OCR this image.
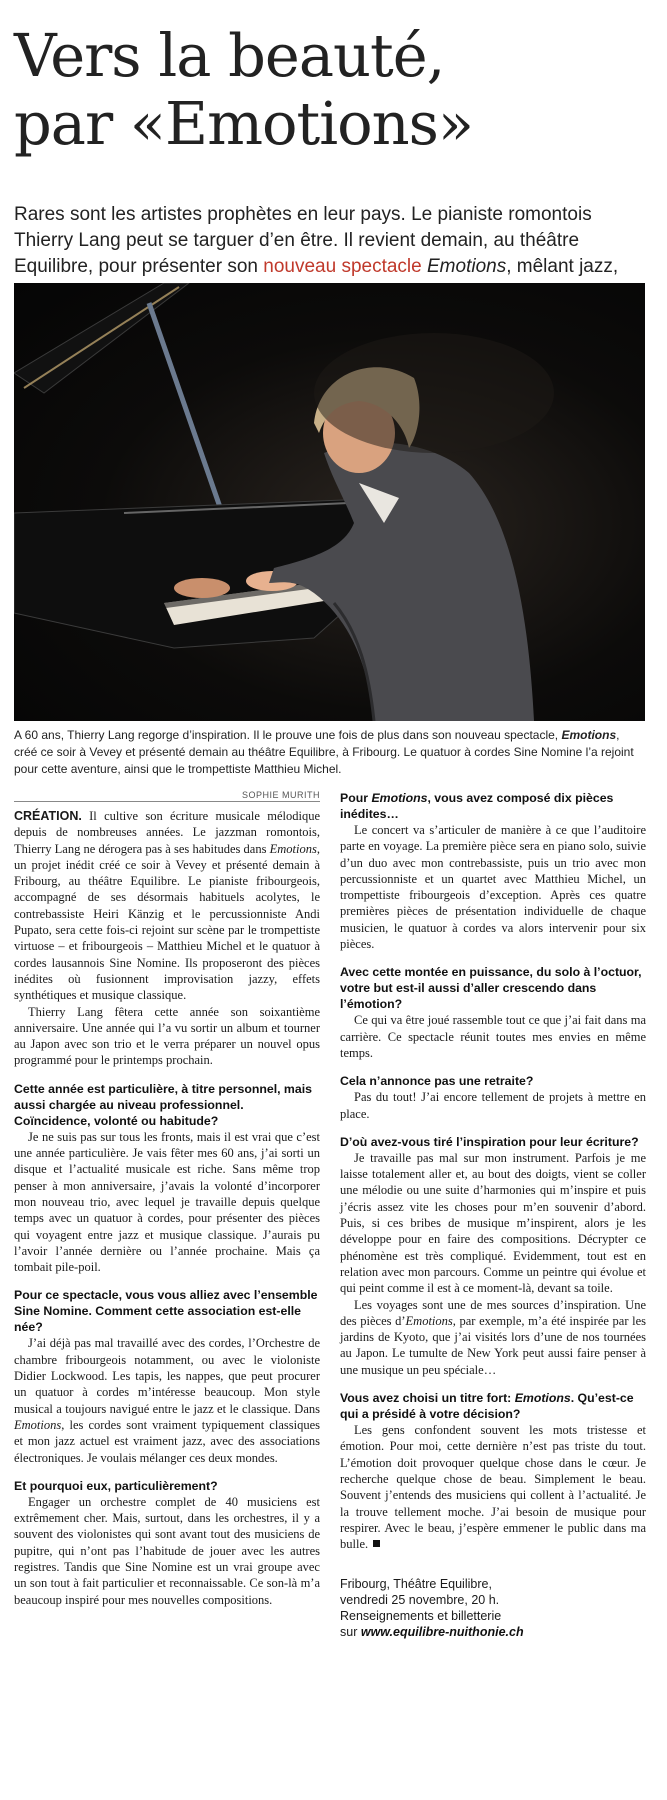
Vers la beauté,
par «Emotions»
Rares sont les artistes prophètes en leur pays. Le pianiste romontois Thierry Lang peut se targuer d’en être. Il revient demain, au théâtre Equilibre, pour présenter son nouveau spectacle Emotions, mêlant jazz,
A 60 ans, Thierry Lang regorge d’inspiration. Il le prouve une fois de plus dans son nouveau spectacle, Emotions, créé ce soir à Vevey et présenté demain au théâtre Equilibre, à Fribourg. Le quatuor à cordes Sine Nomine l’a rejoint pour cette aventure, ainsi que le trompettiste Matthieu Michel.
SOPHIE MURITH

CRÉATION. Il cultive son écriture musicale mélodique depuis de nombreuses années. Le jazzman romontois, Thierry Lang ne dérogera pas à ses habitudes dans Emotions, un projet inédit créé ce soir à Vevey et présenté demain à Fribourg, au théâtre Equilibre. Le pianiste fribourgeois, accompagné de ses désormais habituels acolytes, le contrebassiste Heiri Känzig et le percussionniste Andi Pupato, sera cette fois-ci rejoint sur scène par le trompettiste virtuose – et fribourgeois – Matthieu Michel et le quatuor à cordes lausannois Sine Nomine. Ils proposeront des pièces inédites où fusionnent improvisation jazzy, effets synthétiques et musique classique.

Thierry Lang fêtera cette année son soixantième anniversaire. Une année qui l’a vu sortir un album et tourner au Japon avec son trio et le verra préparer un nouvel opus programmé pour le printemps prochain.

Cette année est particulière, à titre personnel, mais aussi chargée au niveau professionnel. Coïncidence, volonté ou habitude?

Je ne suis pas sur tous les fronts, mais il est vrai que c’est une année particulière. Je vais fêter mes 60 ans, j’ai sorti un disque et l’actualité musicale est riche. Sans même trop penser à mon anniversaire, j’avais la volonté d’incorporer mon nouveau trio, avec lequel je travaille depuis quelque temps avec un quatuor à cordes, pour présenter des pièces qui voyagent entre jazz et musique classique. J’aurais pu l’avoir l’année dernière ou l’année prochaine. Mais ça tombait pile-poil.

Pour ce spectacle, vous vous alliez avec l’ensemble Sine Nomine. Comment cette association est-elle née?

J’ai déjà pas mal travaillé avec des cordes, l’Orchestre de chambre fribourgeois notamment, ou avec le violoniste Didier Lockwood. Les tapis, les nappes, que peut procurer un quatuor à cordes m’intéresse beaucoup. Mon style musical a toujours navigué entre le jazz et le classique. Dans Emotions, les cordes sont vraiment typiquement classiques et mon jazz actuel est vraiment jazz, avec des associations électroniques. Je voulais mélanger ces deux mondes.

Et pourquoi eux, particulièrement?

Engager un orchestre complet de 40 musiciens est extrêmement cher. Mais, surtout, dans les orchestres, il y a souvent des violonistes qui sont avant tout des musiciens de pupitre, qui n’ont pas l’habitude de jouer avec les autres registres. Tandis que Sine Nomine est un vrai groupe avec un son tout à fait particulier et reconnaissable. Ce son-là m’a beaucoup inspiré pour mes nouvelles compositions.

Pour Emotions, vous avez composé dix pièces inédites…

Le concert va s’articuler de manière à ce que l’auditoire parte en voyage. La première pièce sera en piano solo, suivie d’un duo avec mon contrebassiste, puis un trio avec mon percussionniste et un quartet avec Matthieu Michel, un trompettiste fribourgeois d’exception. Après ces quatre premières pièces de présentation individuelle de chaque musicien, le quatuor à cordes va alors intervenir pour six pièces.

Avec cette montée en puissance, du solo à l’octuor, votre but est-il aussi d’aller crescendo dans l’émotion?

Ce qui va être joué rassemble tout ce que j’ai fait dans ma carrière. Ce spectacle réunit toutes mes envies en même temps.

Cela n’annonce pas une retraite?

Pas du tout! J’ai encore tellement de projets à mettre en place.

D’où avez-vous tiré l’inspiration pour leur écriture?

Je travaille pas mal sur mon instrument. Parfois je me laisse totalement aller et, au bout des doigts, vient se coller une mélodie ou une suite d’harmonies qui m’inspire et puis j’écris assez vite les choses pour m’en souvenir d’abord. Puis, si ces bribes de musique m’inspirent, alors je les développe pour en faire des compositions. Décrypter ce phénomène est très compliqué. Evidemment, tout est en relation avec mon parcours. Comme un peintre qui évolue et qui peint comme il est à ce moment-là, devant sa toile.

Les voyages sont une de mes sources d’inspiration. Une des pièces d’Emotions, par exemple, m’a été inspirée par les jardins de Kyoto, que j’ai visités lors d’une de nos tournées au Japon. Le tumulte de New York peut aussi faire penser à une musique un peu spéciale…

Vous avez choisi un titre fort: Emotions. Qu’est-ce qui a présidé à votre décision?

Les gens confondent souvent les mots tristesse et émotion. Pour moi, cette dernière n’est pas triste du tout. L’émotion doit provoquer quelque chose dans le cœur. Je recherche quelque chose de beau. Simplement le beau. Souvent j’entends des musiciens qui collent à l’actualité. Je la trouve tellement moche. J’ai besoin de musique pour respirer. Avec le beau, j’espère emmener le public dans ma bulle.

Fribourg, Théâtre Equilibre,
vendredi 25 novembre, 20 h.
Renseignements et billetterie
sur www.equilibre-nuithonie.ch
